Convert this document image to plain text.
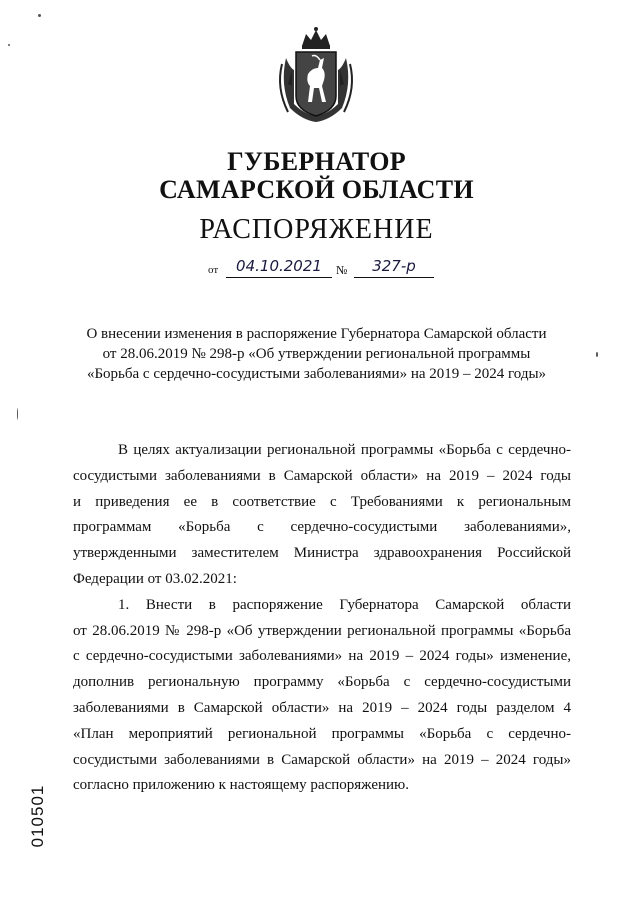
ГУБЕРНАТОР
САМАРСКОЙ ОБЛАСТИ
РАСПОРЯЖЕНИЕ
от	04.10.2021	№	327-р
О внесении изменения в распоряжение Губернатора Самарской области
от 28.06.2019 № 298-р «Об утверждении региональной программы
«Борьба с сердечно-сосудистыми заболеваниями» на 2019 – 2024 годы»

В целях актуализации региональной программы «Борьба с сердечно-
сосудистыми заболеваниями в Самарской области» на 2019 – 2024 годы
и приведения ее в соответствие с Требованиями к региональным
программам «Борьба с сердечно-сосудистыми заболеваниями»,
утвержденными заместителем Министра здравоохранения Российской
Федерации от 03.02.2021:

1. Внести в распоряжение Губернатора Самарской области
от 28.06.2019 № 298-р «Об утверждении региональной программы «Борьба
с сердечно-сосудистыми заболеваниями» на 2019 – 2024 годы» изменение,
дополнив региональную программу «Борьба с сердечно-сосудистыми
заболеваниями в Самарской области» на 2019 – 2024 годы разделом 4
«План мероприятий региональной программы «Борьба с сердечно-
сосудистыми заболеваниями в Самарской области» на 2019 – 2024 годы»
согласно приложению к настоящему распоряжению.

010501
